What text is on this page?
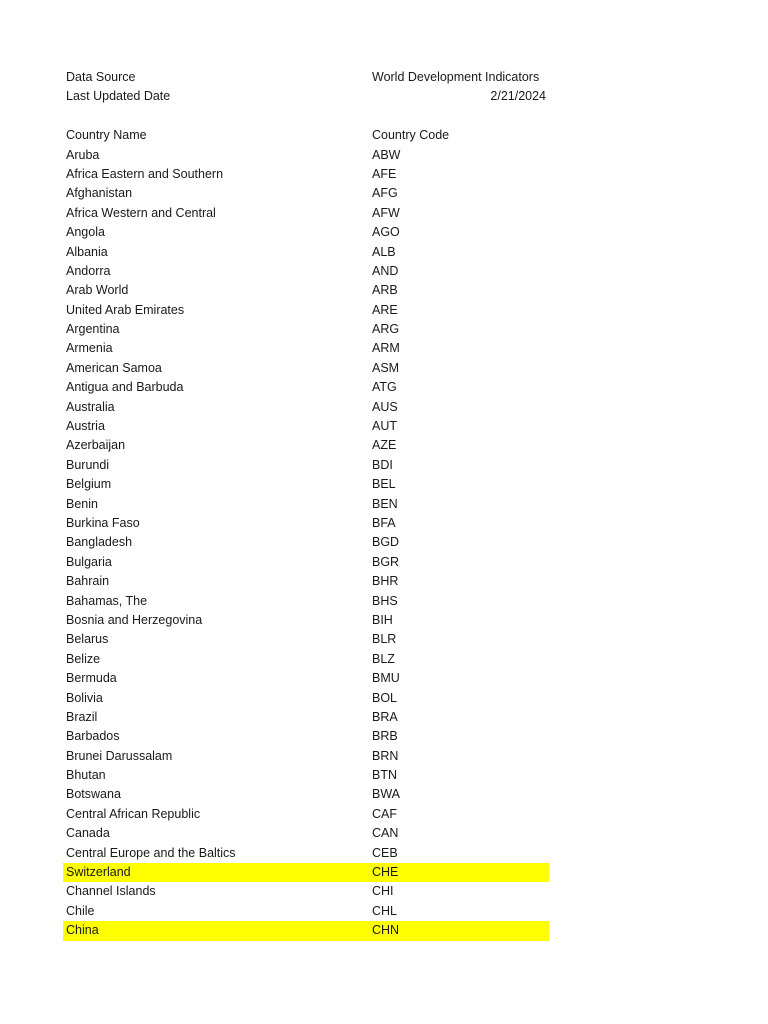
Data Source	World Development Indicators
Last Updated Date	2/21/2024
Country Name	Country Code
Aruba	ABW
Africa Eastern and Southern	AFE
Afghanistan	AFG
Africa Western and Central	AFW
Angola	AGO
Albania	ALB
Andorra	AND
Arab World	ARB
United Arab Emirates	ARE
Argentina	ARG
Armenia	ARM
American Samoa	ASM
Antigua and Barbuda	ATG
Australia	AUS
Austria	AUT
Azerbaijan	AZE
Burundi	BDI
Belgium	BEL
Benin	BEN
Burkina Faso	BFA
Bangladesh	BGD
Bulgaria	BGR
Bahrain	BHR
Bahamas, The	BHS
Bosnia and Herzegovina	BIH
Belarus	BLR
Belize	BLZ
Bermuda	BMU
Bolivia	BOL
Brazil	BRA
Barbados	BRB
Brunei Darussalam	BRN
Bhutan	BTN
Botswana	BWA
Central African Republic	CAF
Canada	CAN
Central Europe and the Baltics	CEB
Switzerland	CHE
Channel Islands	CHI
Chile	CHL
China	CHN
